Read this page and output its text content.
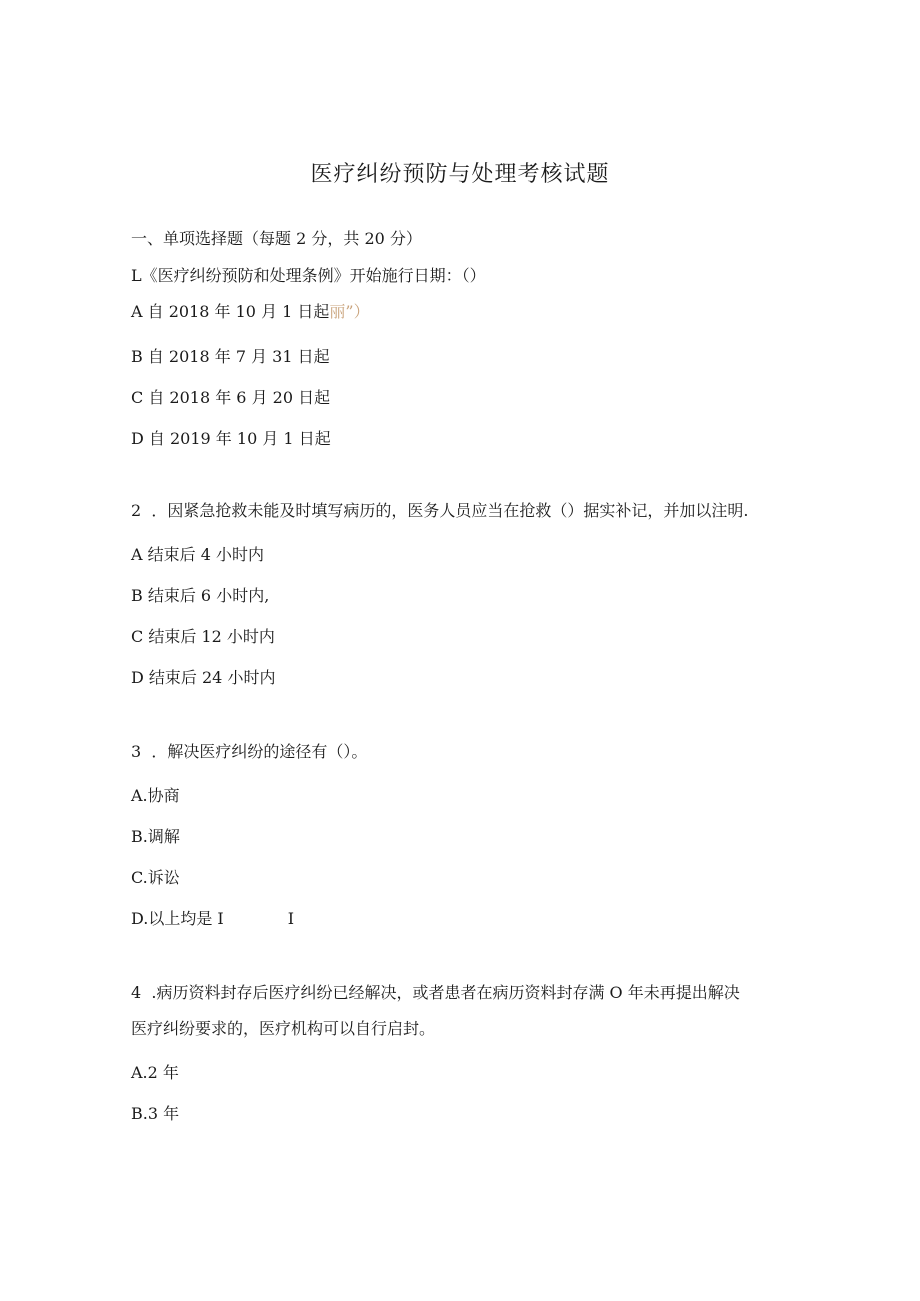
医疗纠纷预防与处理考核试题
一、单项选择题（每题 2 分，共 20 分）
L《医疗纠纷预防和处理条例》开始施行日期：（）
A 自 2018 年 10 月 1 日起丽”）
B 自 2018 年 7 月 31 日起
C 自 2018 年 6 月 20 日起
D 自 2019 年 10 月 1 日起
2  ．因紧急抢救未能及时填写病历的，医务人员应当在抢救（）据实补记，并加以注明.
A 结束后 4 小时内
B 结束后 6 小时内,
C 结束后 12 小时内
D 结束后 24 小时内
3  ．解决医疗纠纷的途径有（）。
A.协商
B.调解
C.诉讼
D.以上均是 I	I
4  .病历资料封存后医疗纠纷已经解决，或者患者在病历资料封存满 O 年未再提出解决
医疗纠纷要求的，医疗机构可以自行启封。
A.2 年
B.3 年
